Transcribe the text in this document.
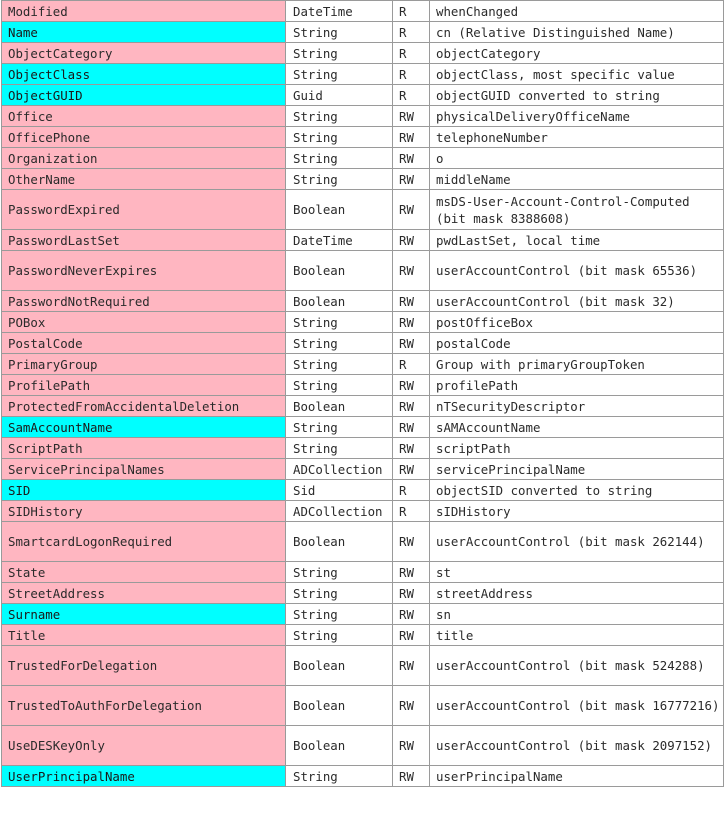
Modified	DateTime	R	whenChanged
Name	String	R	cn (Relative Distinguished Name)
ObjectCategory	String	R	objectCategory
ObjectClass	String	R	objectClass, most specific value
ObjectGUID	Guid	R	objectGUID converted to string
Office	String	RW	physicalDeliveryOfficeName
OfficePhone	String	RW	telephoneNumber
Organization	String	RW	o
OtherName	String	RW	middleName
PasswordExpired	Boolean	RW	msDS-User-Account-Control-Computed (bit mask 8388608)
PasswordLastSet	DateTime	RW	pwdLastSet, local time
PasswordNeverExpires	Boolean	RW	userAccountControl (bit mask 65536)
PasswordNotRequired	Boolean	RW	userAccountControl (bit mask 32)
POBox	String	RW	postOfficeBox
PostalCode	String	RW	postalCode
PrimaryGroup	String	R	Group with primaryGroupToken
ProfilePath	String	RW	profilePath
ProtectedFromAccidentalDeletion	Boolean	RW	nTSecurityDescriptor
SamAccountName	String	RW	sAMAccountName
ScriptPath	String	RW	scriptPath
ServicePrincipalNames	ADCollection	RW	servicePrincipalName
SID	Sid	R	objectSID converted to string
SIDHistory	ADCollection	R	sIDHistory
SmartcardLogonRequired	Boolean	RW	userAccountControl (bit mask 262144)
State	String	RW	st
StreetAddress	String	RW	streetAddress
Surname	String	RW	sn
Title	String	RW	title
TrustedForDelegation	Boolean	RW	userAccountControl (bit mask 524288)
TrustedToAuthForDelegation	Boolean	RW	userAccountControl (bit mask 16777216)
UseDESKeyOnly	Boolean	RW	userAccountControl (bit mask 2097152)
UserPrincipalName	String	RW	userPrincipalName
